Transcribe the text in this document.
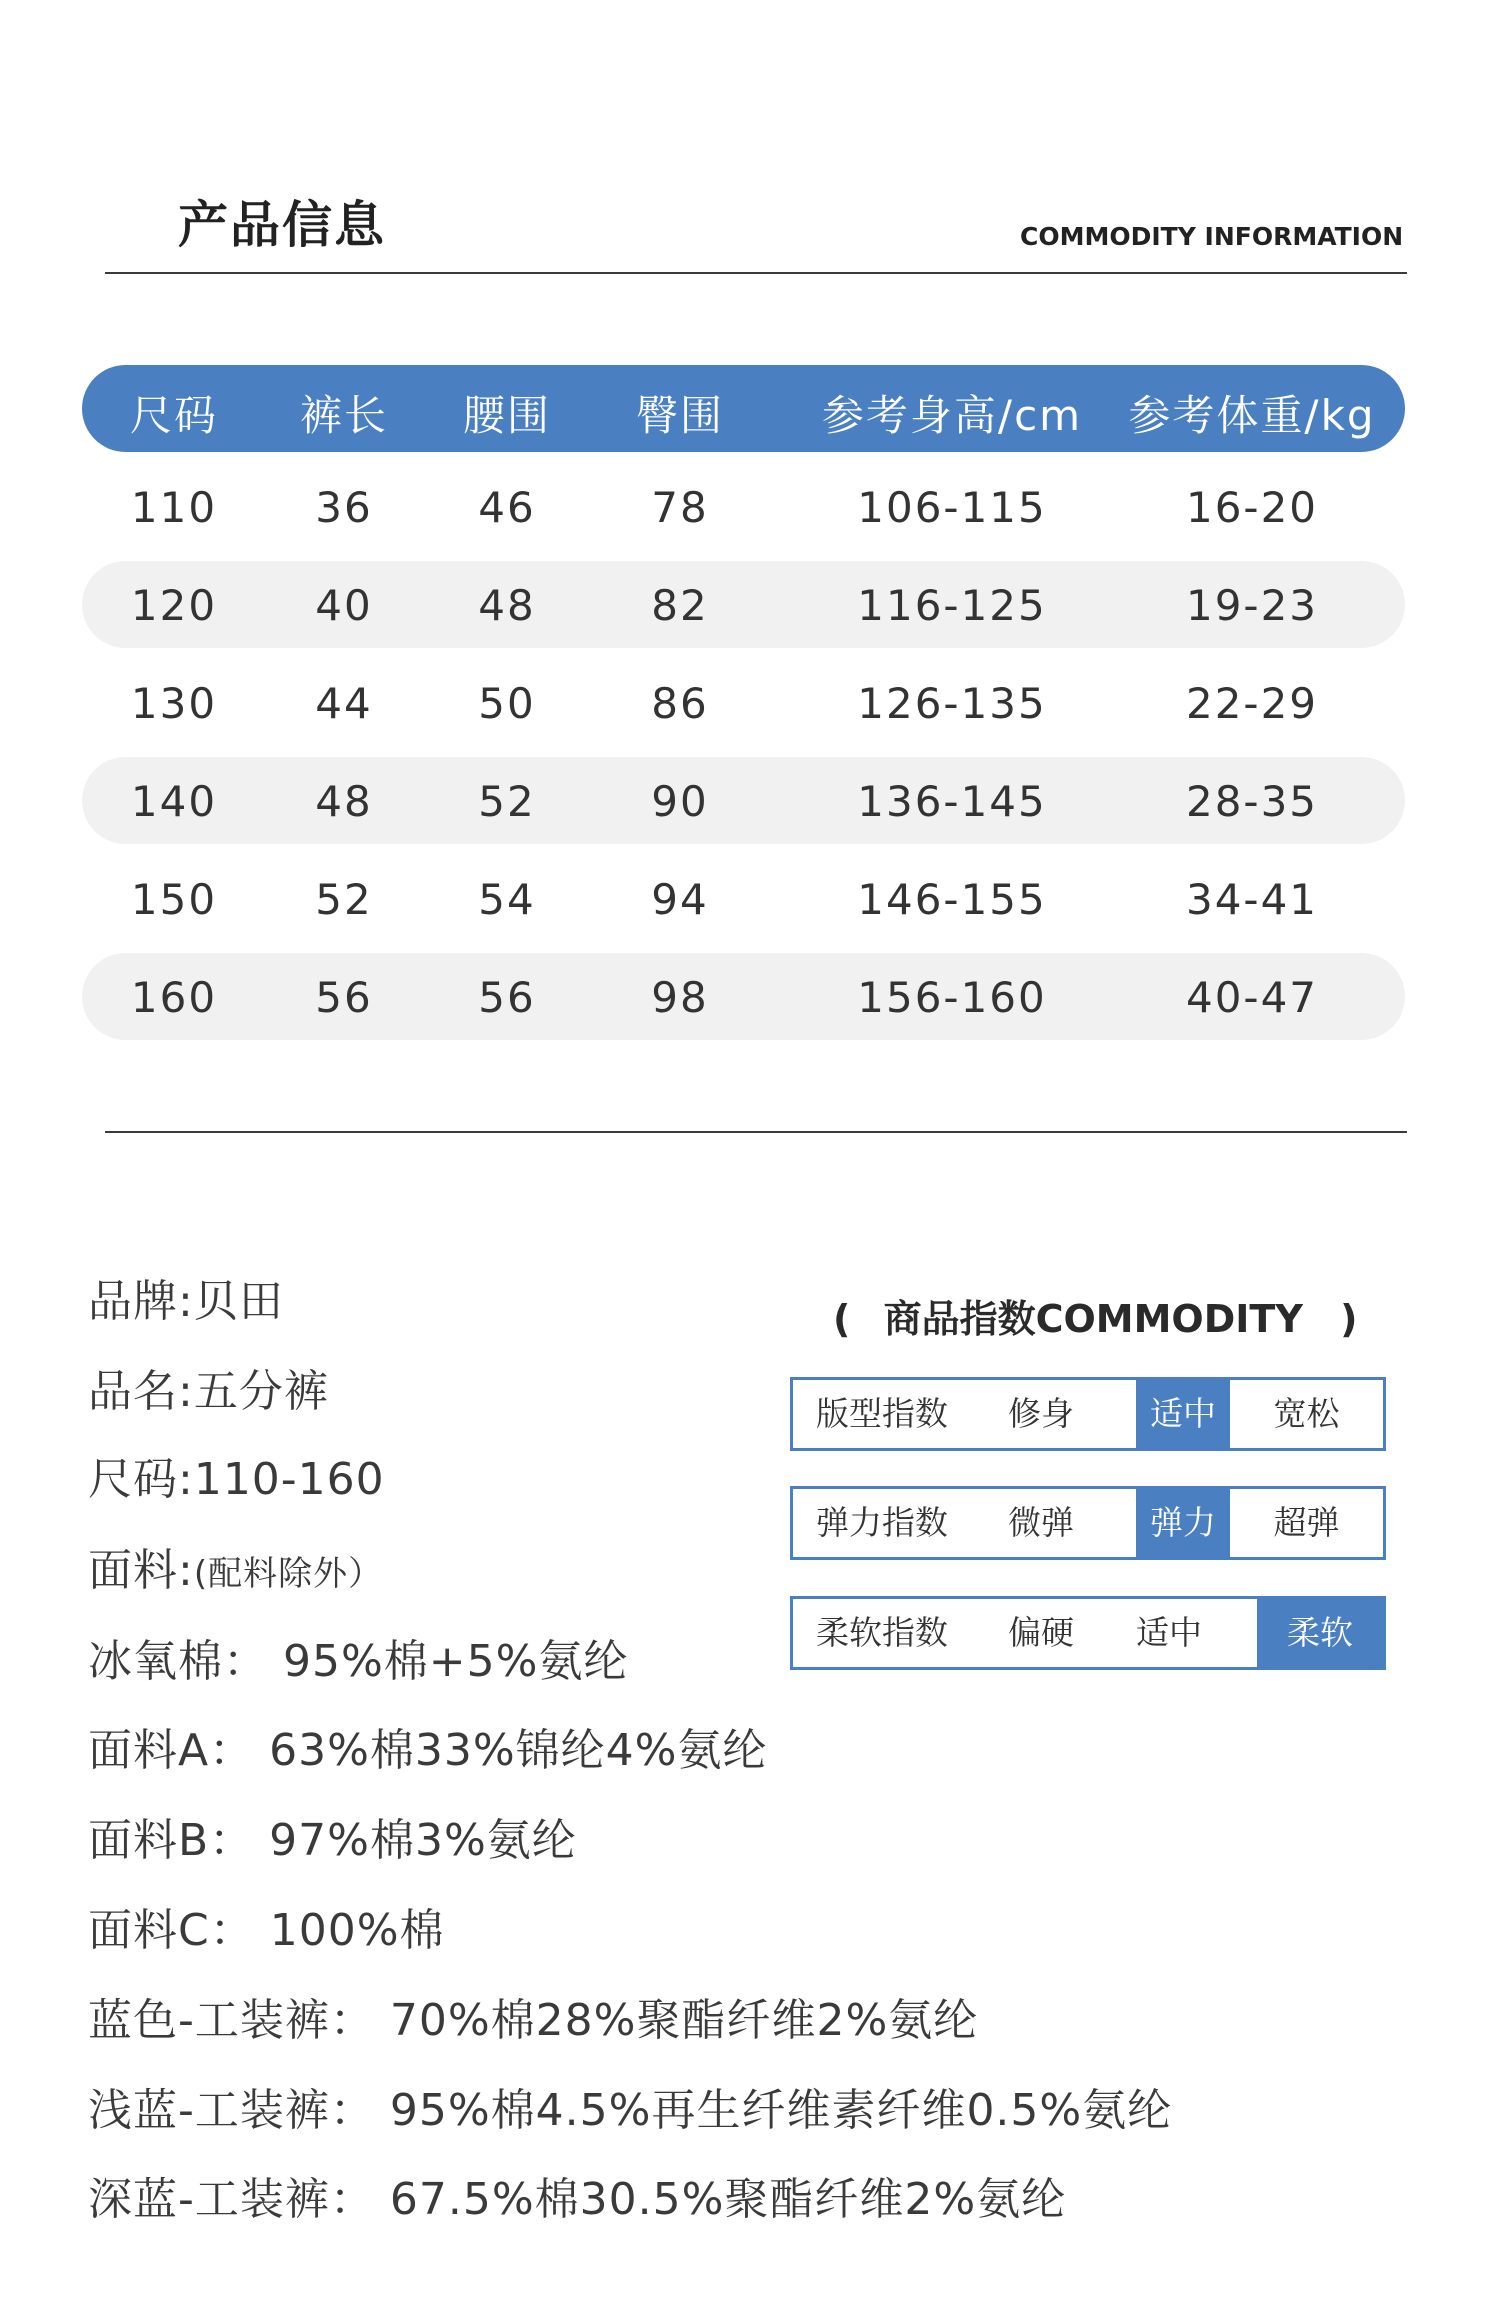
产品信息	COMMODITY INFORMATION
尺码 裤长 腰围 臀围 参考身高/cm 参考体重/kg
110 36	46	78	106-115	16-20
120 40	48	82	116-125	19-23
130 44	50	86	126-135	22-29
140 48	52	90	136-145	28-35
150 52	54	94	146-155	34-41
160 56	56	98	156-160	40-47
品牌:贝田
品名:五分裤
尺码:110-160
面料:(配料除外）
冰氧棉： 95%棉+5%氨纶
面料A： 63%棉33%锦纶4%氨纶
面料B： 97%棉3%氨纶
面料C： 100%棉
蓝色-工装裤： 70%棉28%聚酯纤维2%氨纶
浅蓝-工装裤： 95%棉4.5%再生纤维素纤维0.5%氨纶
深蓝-工装裤： 67.5%棉30.5%聚酯纤维2%氨纶
( 商品指数COMMODITY )
版型指数	修身	适中	宽松
弹力指数	微弹	弹力	超弹
柔软指数	偏硬	适中	柔软
